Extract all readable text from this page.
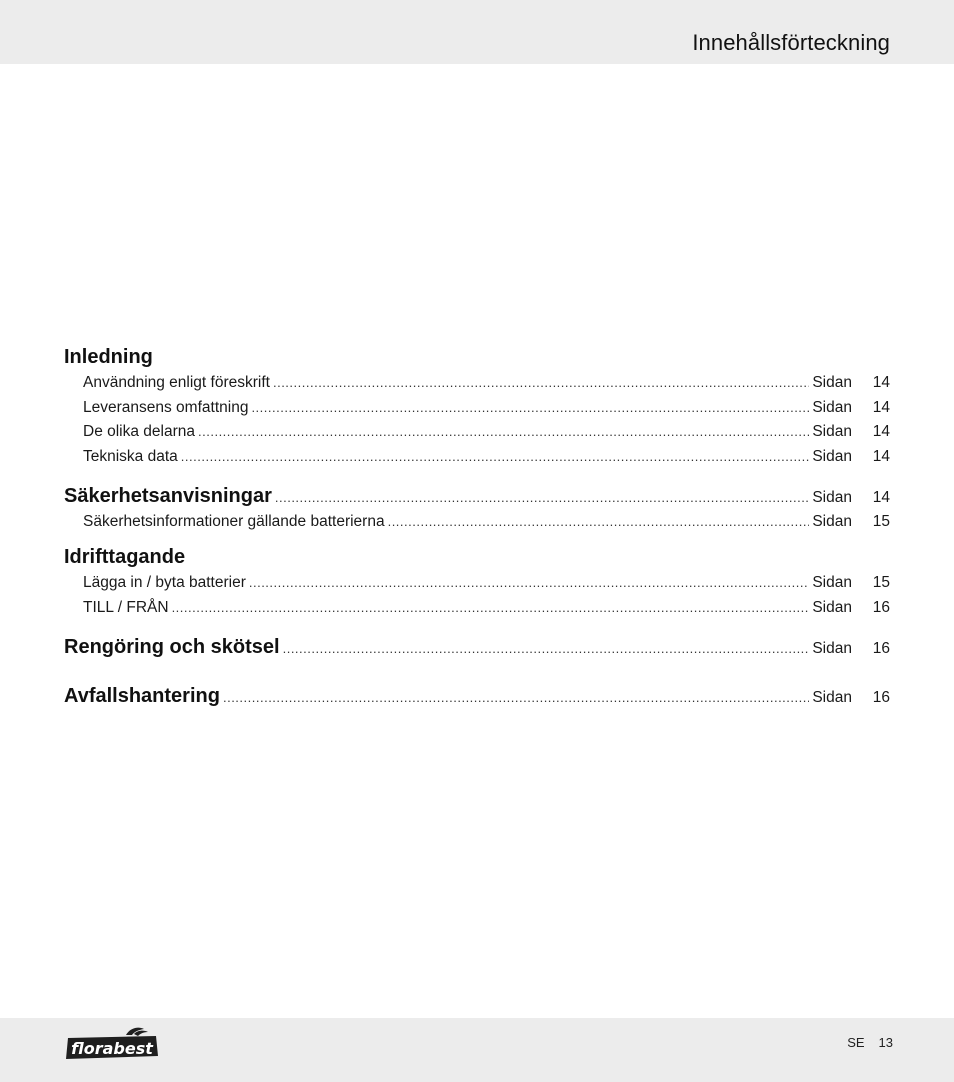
Innehållsförteckning
Inledning
Användning enligt föreskrift .....	Sidan	14
Leveransens omfattning .....	Sidan	14
De olika delarna .....	Sidan	14
Tekniska data .....	Sidan	14
Säkerhetsanvisningar .....	Sidan	14
Säkerhetsinformationer gällande batterierna .....	Sidan	15
Idrifttagande
Lägga in / byta batterier .....	Sidan	15
TILL / FRÅN .....	Sidan	16
Rengöring och skötsel .....	Sidan	16
Avfallshantering .....	Sidan	16
florabest	SE 13
